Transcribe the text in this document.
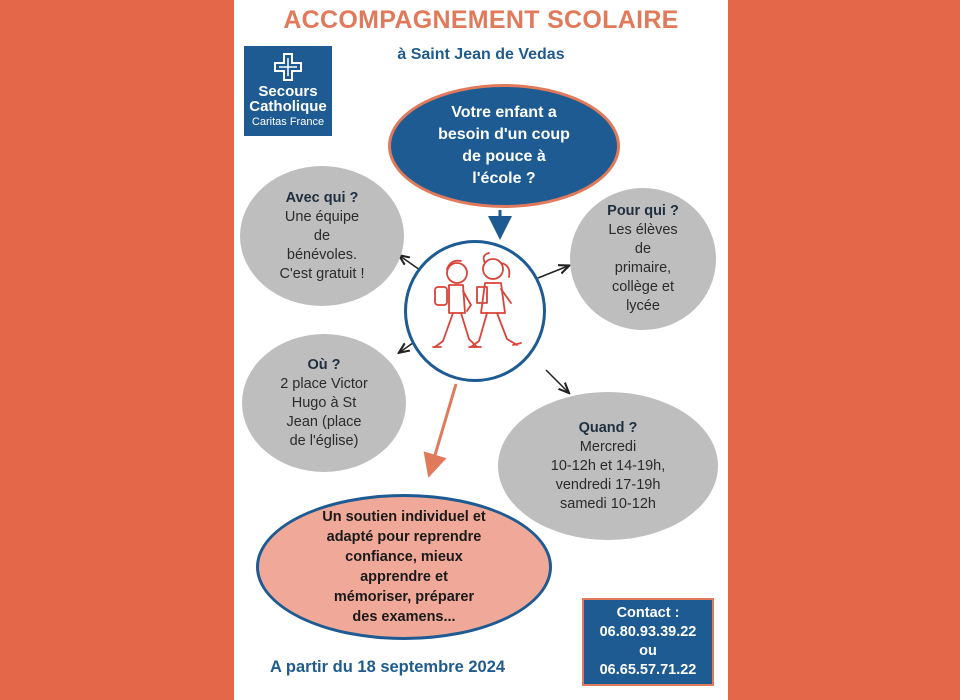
ACCOMPAGNEMENT SCOLAIRE
à Saint Jean de Vedas
Secours
Catholique
Caritas France
Votre enfant a
besoin d'un coup
de pouce à
l'école ?
Avec qui ?
Une équipe
de
bénévoles.
C'est gratuit !
Pour qui ?
Les élèves
de
primaire,
collège et
lycée
Où ?
2 place Victor
Hugo à St
Jean (place
de l'église)
Quand ?
Mercredi
10-12h et 14-19h,
vendredi 17-19h
samedi 10-12h
Un soutien individuel et
adapté pour reprendre
confiance, mieux
apprendre et
mémoriser, préparer
des examens...	Contact :
06.80.93.39.22
ou
06.65.57.71.22
A partir du 18 septembre 2024
